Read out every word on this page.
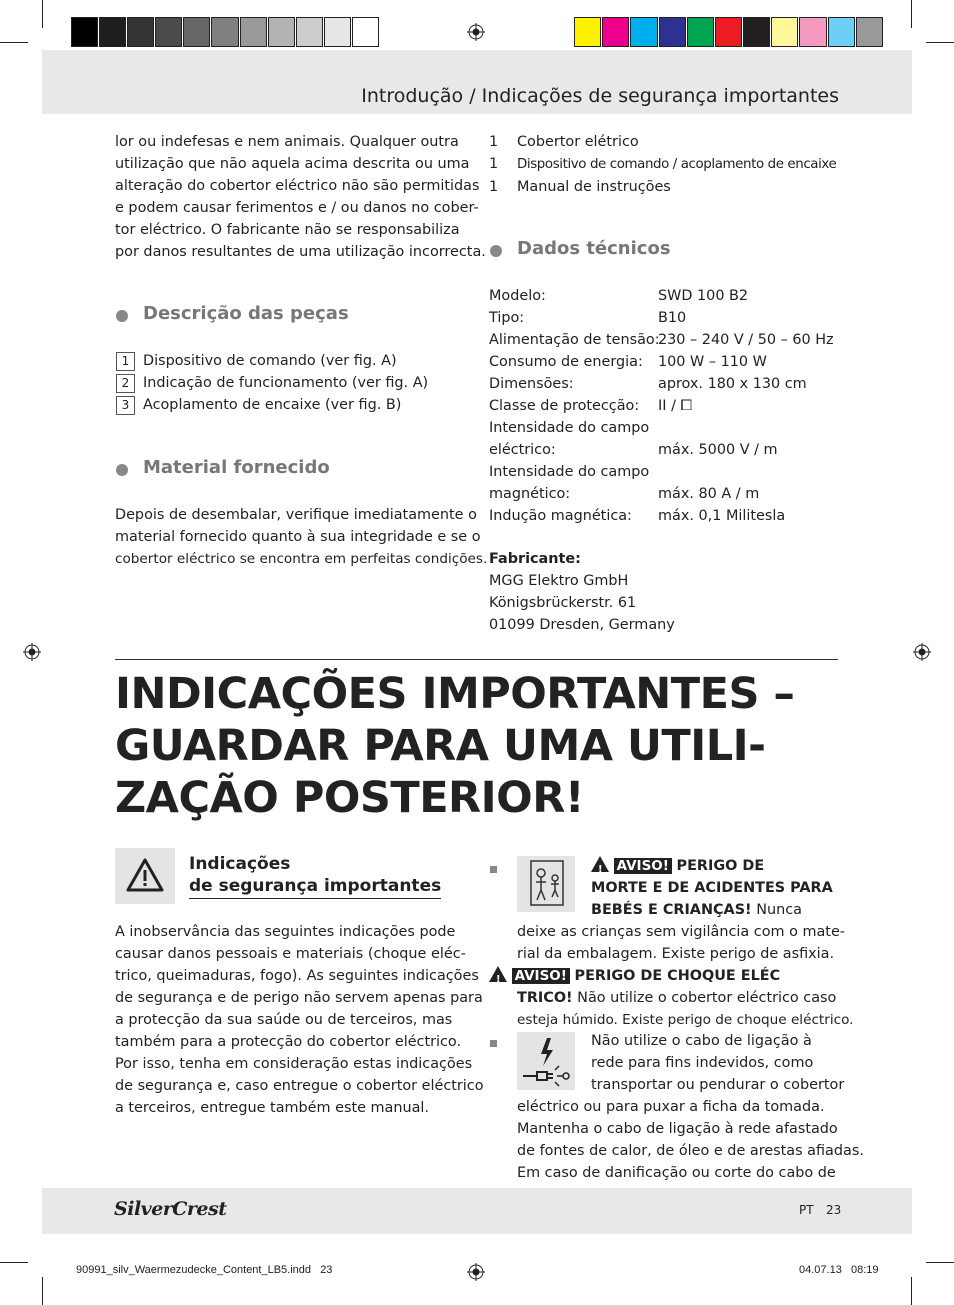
Introdução / Indicações de segurança importantes
lor ou indefesas e nem animais. Qualquer outra
utilização que não aquela acima descrita ou uma
alteração do cobertor eléctrico não são permitidas
e podem causar ferimentos e / ou danos no cober-
tor eléctrico. O fabricante não se responsabiliza
por danos resultantes de uma utilização incorrecta.
Descrição das peças
1 Dispositivo de comando (ver fig. A)
2 Indicação de funcionamento (ver fig. A)
3 Acoplamento de encaixe (ver fig. B)
Material fornecido
Depois de desembalar, verifique imediatamente o
material fornecido quanto à sua integridade e se o
cobertor eléctrico se encontra em perfeitas condições.
1 Cobertor elétrico
1 Dispositivo de comando / acoplamento de encaixe
1 Manual de instruções
Dados técnicos
Modelo:	SWD 100 B2
Tipo:	B10
Alimentação de tensão:230 – 240 V / 50 – 60 Hz
Consumo de energia: 100 W – 110 W
Dimensões:	aprox. 180 x 130 cm
Classe de protecção: II / ⧠
Intensidade do campo
eléctrico:	máx. 5000 V / m
Intensidade do campo
magnético:	máx. 80 A / m
Indução magnética: máx. 0,1 Militesla
Fabricante:
MGG Elektro GmbH
Königsbrückerstr. 61
01099 Dresden, Germany
INDICAÇÕES IMPORTANTES –
GUARDAR PARA UMA UTILI-
ZAÇÃO POSTERIOR!
Indicações
de segurança importantes
A inobservância das seguintes indicações pode
causar danos pessoais e materiais (choque eléc-
trico, queimaduras, fogo). As seguintes indicações
de segurança e de perigo não servem apenas para
a protecção da sua saúde ou de terceiros, mas
também para a protecção do cobertor eléctrico.
Por isso, tenha em consideração estas indicações
de segurança e, caso entregue o cobertor eléctrico
a terceiros, entregue também este manual.
! AVISO! PERIGO DE
MORTE E DE ACIDENTES PARA
BEBÉS E CRIANÇAS! Nunca
deixe as crianças sem vigilância com o mate-
rial da embalagem. Existe perigo de asfixia.
! AVISO! PERIGO DE CHOQUE ELÉC
TRICO! Não utilize o cobertor eléctrico caso
esteja húmido. Existe perigo de choque eléctrico.
Não utilize o cabo de ligação à
rede para fins indevidos, como
transportar ou pendurar o cobertor
eléctrico ou para puxar a ficha da tomada.
Mantenha o cabo de ligação à rede afastado
de fontes de calor, de óleo e de arestas afiadas.
Em caso de danificação ou corte do cabo de
SilverCrest	PT 23
90991_silv_Waermezudecke_Content_LB5.indd   23	04.07.13   08:19
